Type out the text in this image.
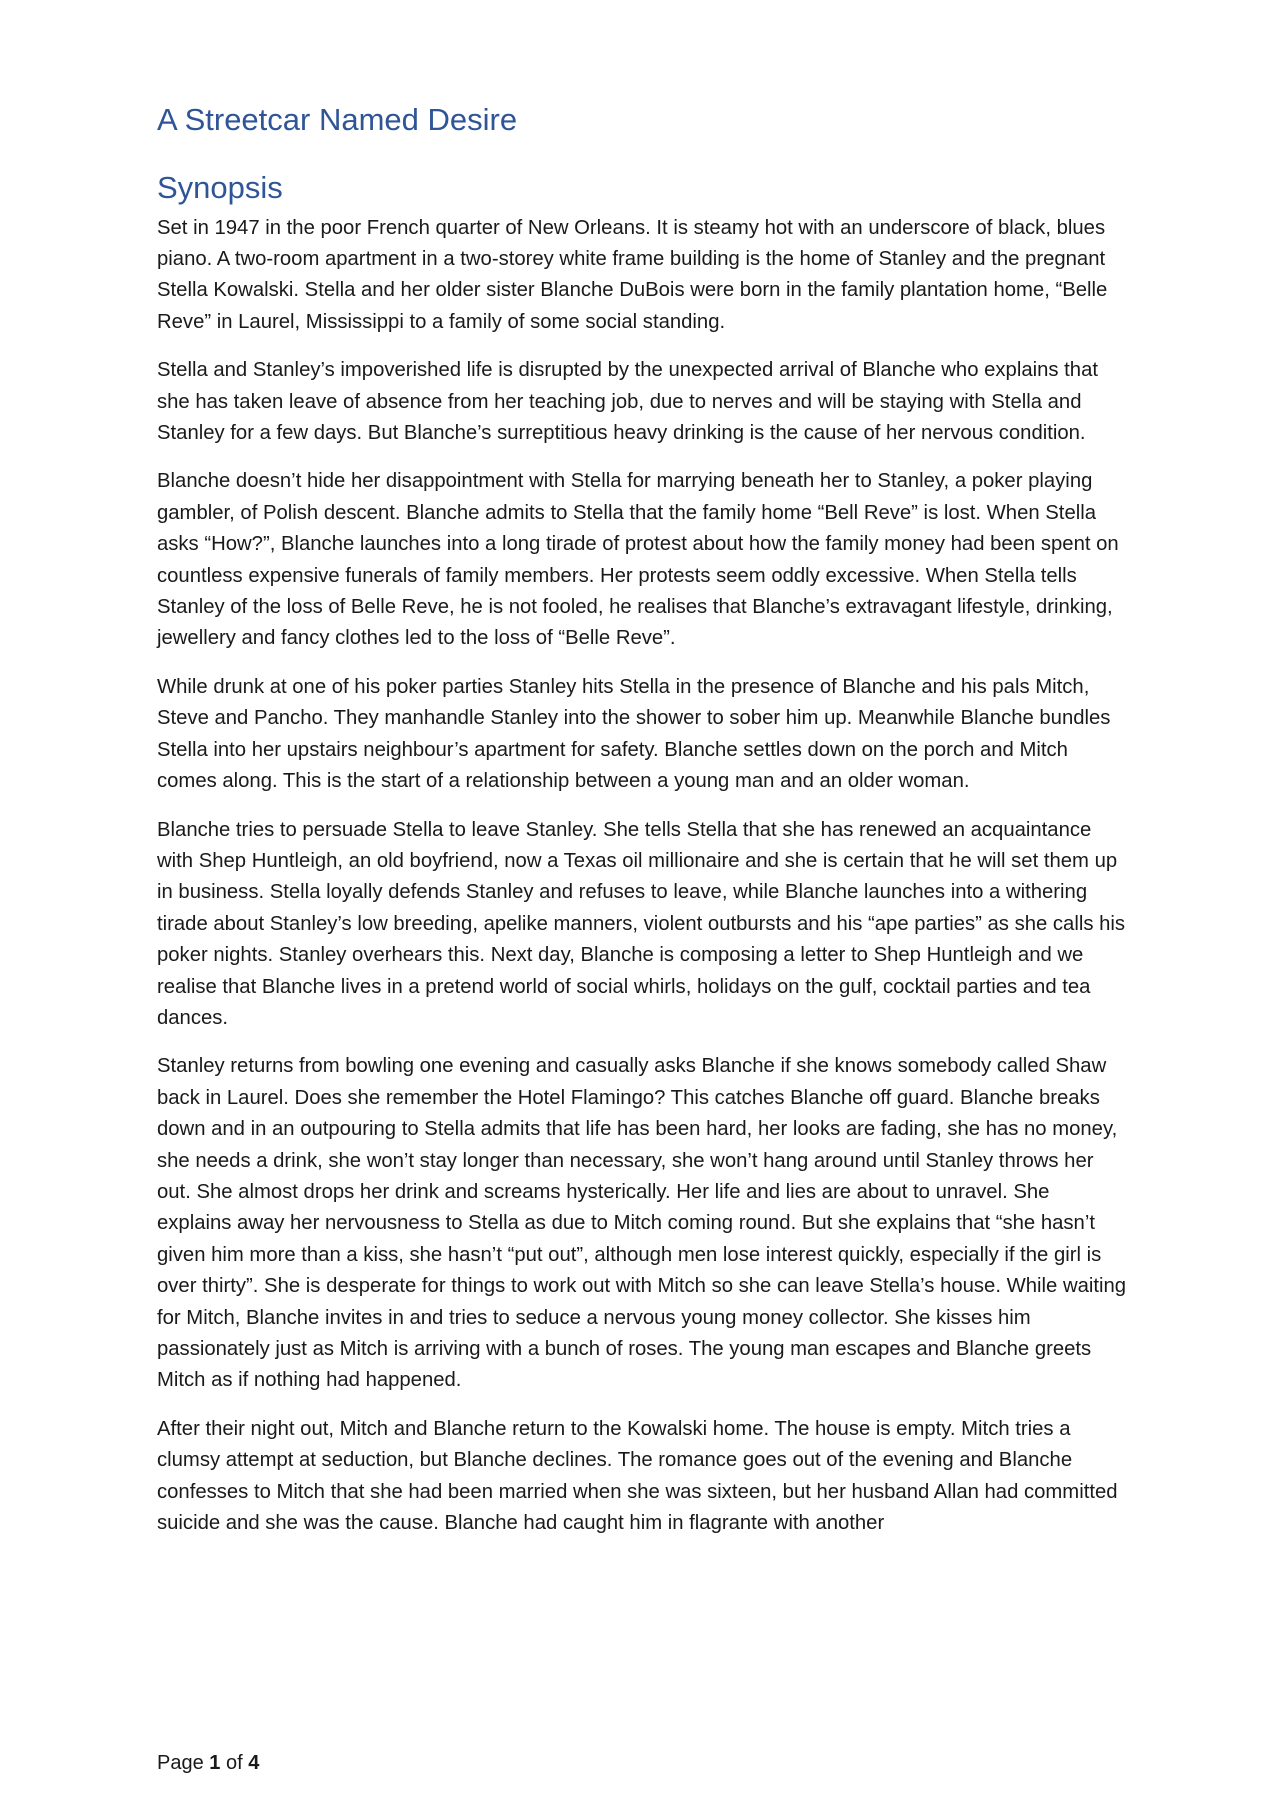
A Streetcar Named Desire
Synopsis

Set in 1947 in the poor French quarter of New Orleans. It is steamy hot with an underscore of black, blues piano. A two-room apartment in a two-storey white frame building is the home of Stanley and the pregnant Stella Kowalski. Stella and her older sister Blanche DuBois were born in the family plantation home, “Belle Reve” in Laurel, Mississippi to a family of some social standing.

Stella and Stanley’s impoverished life is disrupted by the unexpected arrival of Blanche who explains that she has taken leave of absence from her teaching job, due to nerves and will be staying with Stella and Stanley for a few days. But Blanche’s surreptitious heavy drinking is the cause of her nervous condition.

Blanche doesn’t hide her disappointment with Stella for marrying beneath her to Stanley, a poker playing gambler, of Polish descent. Blanche admits to Stella that the family home “Bell Reve” is lost. When Stella asks “How?”, Blanche launches into a long tirade of protest about how the family money had been spent on countless expensive funerals of family members. Her protests seem oddly excessive. When Stella tells Stanley of the loss of Belle Reve, he is not fooled, he realises that Blanche’s extravagant lifestyle, drinking, jewellery and fancy clothes led to the loss of “Belle Reve”.

While drunk at one of his poker parties Stanley hits Stella in the presence of Blanche and his pals Mitch, Steve and Pancho. They manhandle Stanley into the shower to sober him up. Meanwhile Blanche bundles Stella into her upstairs neighbour’s apartment for safety. Blanche settles down on the porch and Mitch comes along. This is the start of a relationship between a young man and an older woman.

Blanche tries to persuade Stella to leave Stanley. She tells Stella that she has renewed an acquaintance with Shep Huntleigh, an old boyfriend, now a Texas oil millionaire and she is certain that he will set them up in business. Stella loyally defends Stanley and refuses to leave, while Blanche launches into a withering tirade about Stanley’s low breeding, apelike manners, violent outbursts and his “ape parties” as she calls his poker nights. Stanley overhears this. Next day, Blanche is composing a letter to Shep Huntleigh and we realise that Blanche lives in a pretend world of social whirls, holidays on the gulf, cocktail parties and tea dances.

Stanley returns from bowling one evening and casually asks Blanche if she knows somebody called Shaw back in Laurel. Does she remember the Hotel Flamingo? This catches Blanche off guard. Blanche breaks down and in an outpouring to Stella admits that life has been hard, her looks are fading, she has no money, she needs a drink, she won’t stay longer than necessary, she won’t hang around until Stanley throws her out. She almost drops her drink and screams hysterically. Her life and lies are about to unravel. She explains away her nervousness to Stella as due to Mitch coming round. But she explains that “she hasn’t given him more than a kiss, she hasn’t “put out”, although men lose interest quickly, especially if the girl is over thirty”. She is desperate for things to work out with Mitch so she can leave Stella’s house. While waiting for Mitch, Blanche invites in and tries to seduce a nervous young money collector. She kisses him passionately just as Mitch is arriving with a bunch of roses. The young man escapes and Blanche greets Mitch as if nothing had happened.

After their night out, Mitch and Blanche return to the Kowalski home. The house is empty. Mitch tries a clumsy attempt at seduction, but Blanche declines. The romance goes out of the evening and Blanche confesses to Mitch that she had been married when she was sixteen, but her husband Allan had committed suicide and she was the cause. Blanche had caught him in flagrante with another

Page 1 of 4
